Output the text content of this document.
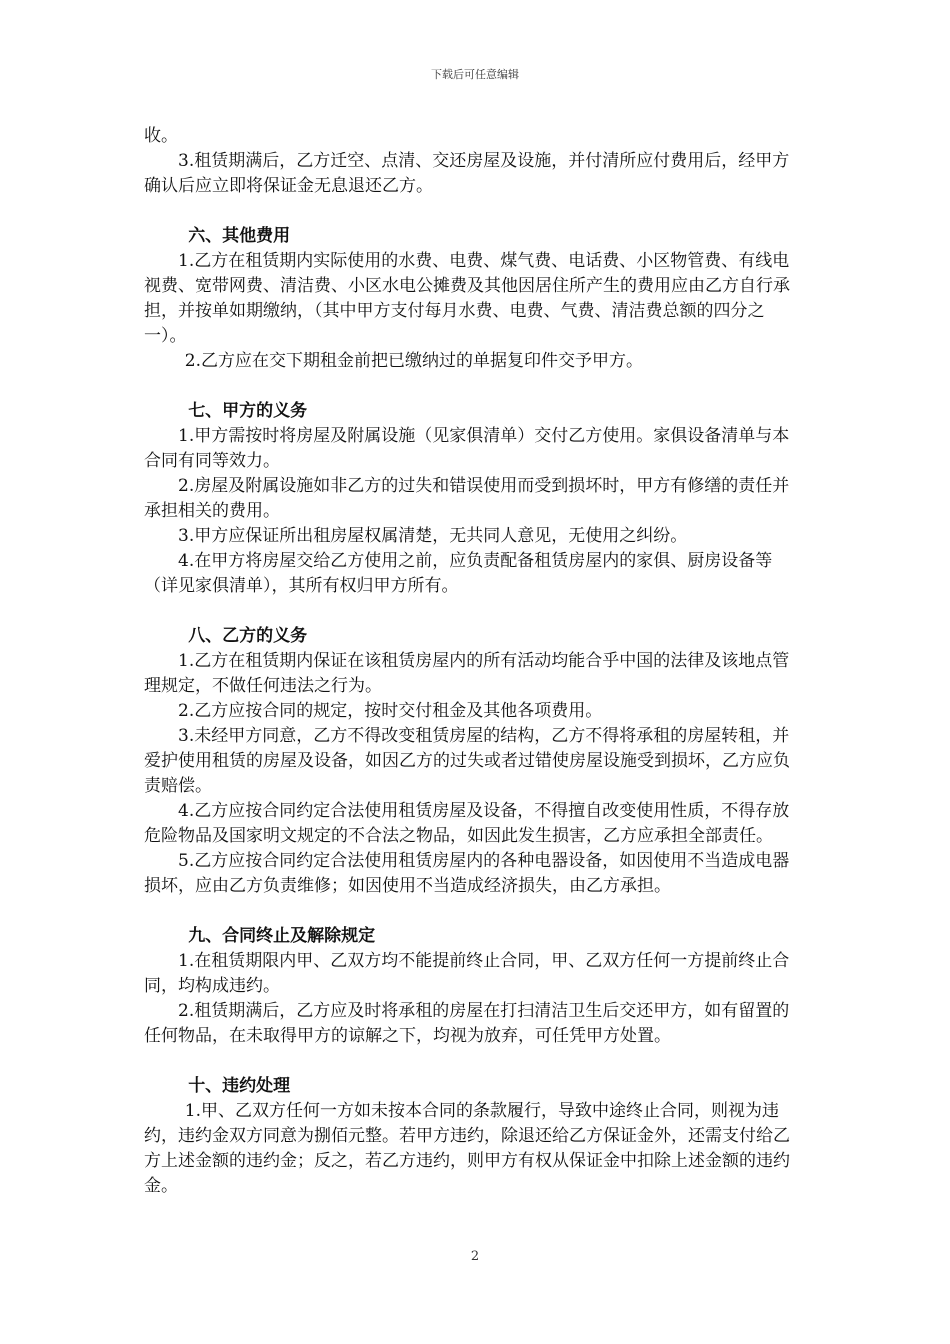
下载后可任意编辑

收。

3.租赁期满后，乙方迁空、点清、交还房屋及设施，并付清所应付费用后，经甲方确认后应立即将保证金无息退还乙方。

六、其他费用

1.乙方在租赁期内实际使用的水费、电费、煤气费、电话费、小区物管费、有线电视费、宽带网费、清洁费、小区水电公摊费及其他因居住所产生的费用应由乙方自行承担，并按单如期缴纳，（其中甲方支付每月水费、电费、气费、清洁费总额的四分之一）。

2.乙方应在交下期租金前把已缴纳过的单据复印件交予甲方。

七、甲方的义务

1.甲方需按时将房屋及附属设施（见家俱清单）交付乙方使用。家俱设备清单与本合同有同等效力。

2.房屋及附属设施如非乙方的过失和错误使用而受到损坏时，甲方有修缮的责任并承担相关的费用。

3.甲方应保证所出租房屋权属清楚，无共同人意见，无使用之纠纷。

4.在甲方将房屋交给乙方使用之前，应负责配备租赁房屋内的家俱、厨房设备等（详见家俱清单），其所有权归甲方所有。

八、乙方的义务

1.乙方在租赁期内保证在该租赁房屋内的所有活动均能合乎中国的法律及该地点管理规定，不做任何违法之行为。

2.乙方应按合同的规定，按时交付租金及其他各项费用。

3.未经甲方同意，乙方不得改变租赁房屋的结构，乙方不得将承租的房屋转租，并爱护使用租赁的房屋及设备，如因乙方的过失或者过错使房屋设施受到损坏，乙方应负责赔偿。

4.乙方应按合同约定合法使用租赁房屋及设备，不得擅自改变使用性质，不得存放危险物品及国家明文规定的不合法之物品，如因此发生损害，乙方应承担全部责任。

5.乙方应按合同约定合法使用租赁房屋内的各种电器设备，如因使用不当造成电器损坏，应由乙方负责维修；如因使用不当造成经济损失，由乙方承担。

九、合同终止及解除规定

1.在租赁期限内甲、乙双方均不能提前终止合同，甲、乙双方任何一方提前终止合同，均构成违约。

2.租赁期满后，乙方应及时将承租的房屋在打扫清洁卫生后交还甲方，如有留置的任何物品，在未取得甲方的谅解之下，均视为放弃，可任凭甲方处置。

十、违约处理

1.甲、乙双方任何一方如未按本合同的条款履行，导致中途终止合同，则视为违约，违约金双方同意为捌佰元整。若甲方违约，除退还给乙方保证金外，还需支付给乙方上述金额的违约金；反之，若乙方违约，则甲方有权从保证金中扣除上述金额的违约金。

2
